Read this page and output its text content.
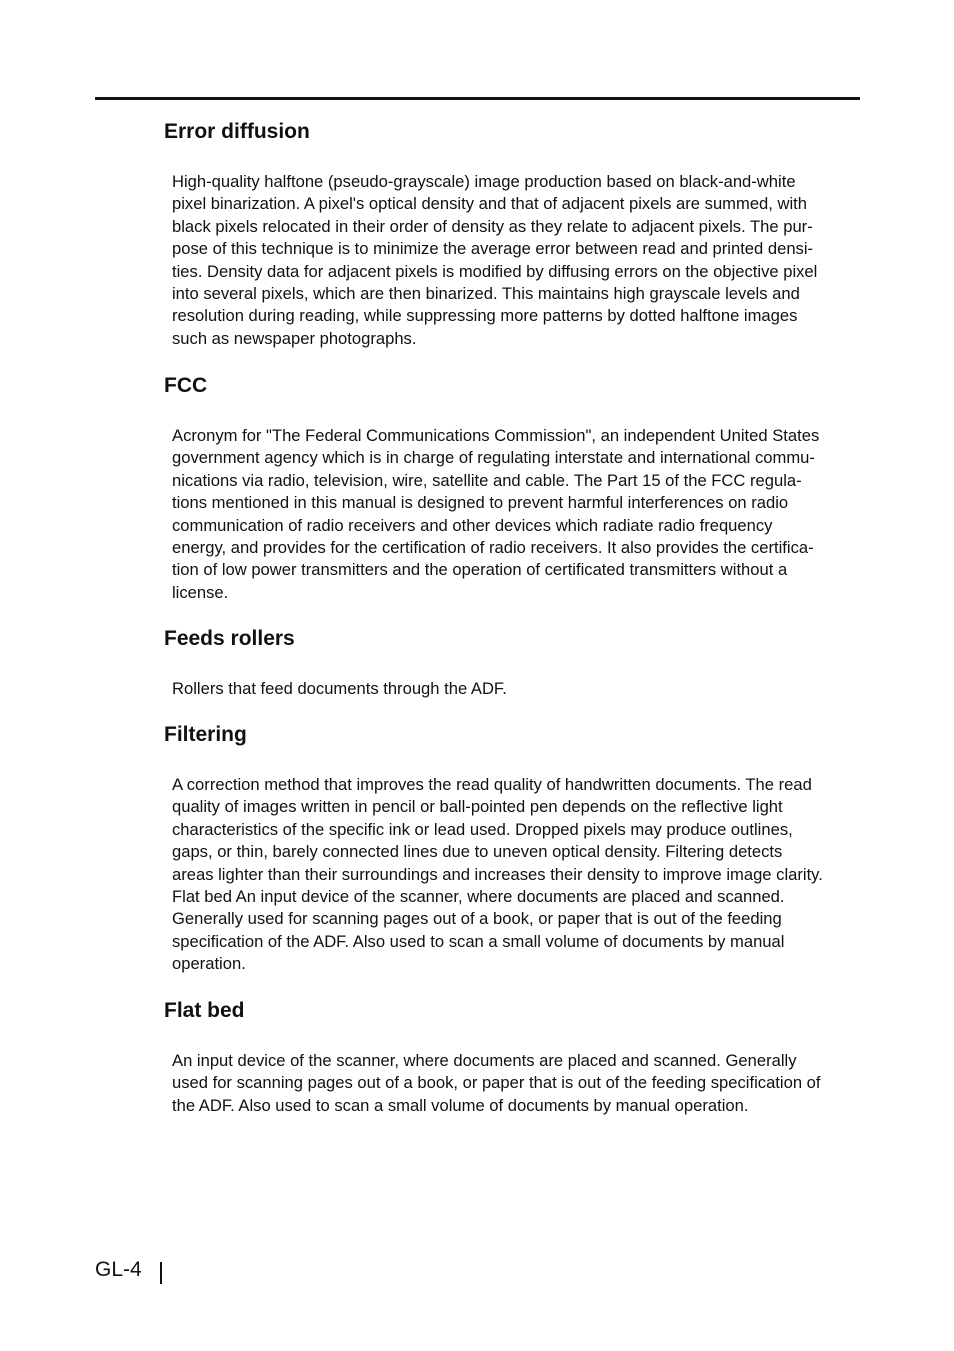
Error diffusion

High-quality halftone (pseudo-grayscale) image production based on black-and-white
pixel binarization. A pixel's optical density and that of adjacent pixels are summed, with
black pixels relocated in their order of density as they relate to adjacent pixels. The pur-
pose of this technique is to minimize the average error between read and printed densi-
ties. Density data for adjacent pixels is modified by diffusing errors on the objective pixel
into several pixels, which are then binarized. This maintains high grayscale levels and
resolution during reading, while suppressing more patterns by dotted halftone images
such as newspaper photographs.

FCC

Acronym for "The Federal Communications Commission", an independent United States
government agency which is in charge of regulating interstate and international commu-
nications via radio, television, wire, satellite and cable. The Part 15 of the FCC regula-
tions mentioned in this manual is designed to prevent harmful interferences on radio
communication of radio receivers and other devices which radiate radio frequency
energy, and provides for the certification of radio receivers. It also provides the certifica-
tion of low power transmitters and the operation of certificated transmitters without a
license.

Feeds rollers

Rollers that feed documents through the ADF.

Filtering

A correction method that improves the read quality of handwritten documents. The read
quality of images written in pencil or ball-pointed pen depends on the reflective light
characteristics of the specific ink or lead used. Dropped pixels may produce outlines,
gaps, or thin, barely connected lines due to uneven optical density. Filtering detects
areas lighter than their surroundings and increases their density to improve image clarity.
Flat bed An input device of the scanner, where documents are placed and scanned.
Generally used for scanning pages out of a book, or paper that is out of the feeding
specification of the ADF. Also used to scan a small volume of documents by manual
operation.

Flat bed

An input device of the scanner, where documents are placed and scanned. Generally
used for scanning pages out of a book, or paper that is out of the feeding specification of
the ADF. Also used to scan a small volume of documents by manual operation.

GL-4
